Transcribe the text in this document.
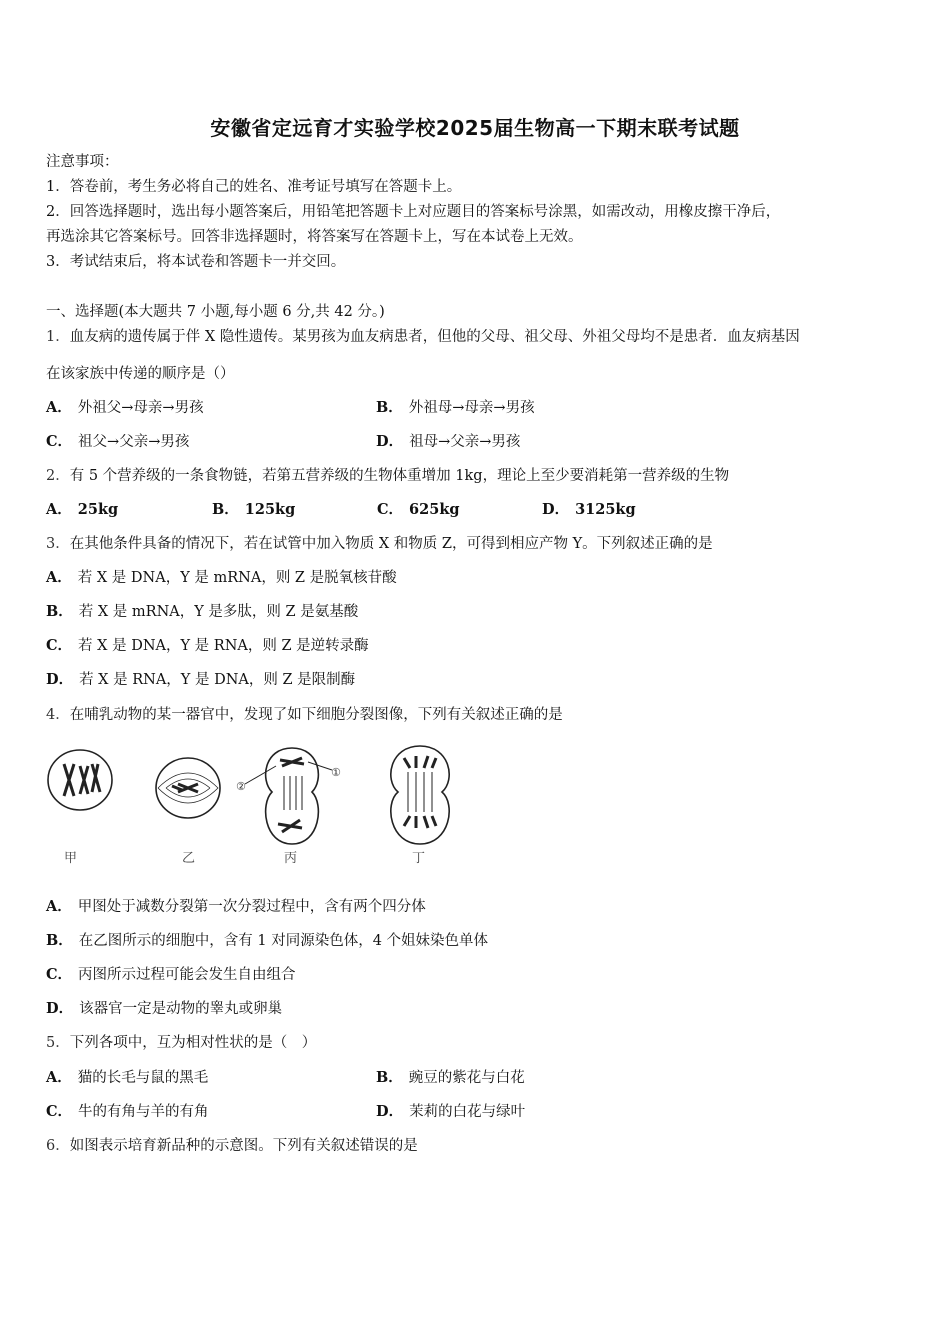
安徽省定远育才实验学校2025届生物高一下期末联考试题
注意事项：
1．答卷前，考生务必将自己的姓名、准考证号填写在答题卡上。
2．回答选择题时，选出每小题答案后，用铅笔把答题卡上对应题目的答案标号涂黑，如需改动，用橡皮擦干净后，
再选涂其它答案标号。回答非选择题时，将答案写在答题卡上，写在本试卷上无效。
3．考试结束后，将本试卷和答题卡一并交回。
一、选择题(本大题共 7 小题,每小题 6 分,共 42 分。)
1．血友病的遗传属于伴 X 隐性遗传。某男孩为血友病患者，但他的父母、祖父母、外祖父母均不是患者．血友病基因
在该家族中传递的顺序是（）
A． 外祖父→母亲→男孩	B． 外祖母→母亲→男孩
C． 祖父→父亲→男孩	D． 祖母→父亲→男孩
2．有 5 个营养级的一条食物链，若第五营养级的生物体重增加 1kg，理论上至少要消耗第一营养级的生物
A． 25kg	B． 125kg	C． 625kg	D． 3125kg
3．在其他条件具备的情况下，若在试管中加入物质 X 和物质 Z，可得到相应产物 Y。下列叙述正确的是
A． 若 X 是 DNA，Y 是 mRNA，则 Z 是脱氧核苷酸
B． 若 X 是 mRNA，Y 是多肽，则 Z 是氨基酸
C． 若 X 是 DNA，Y 是 RNA，则 Z 是逆转录酶
D． 若 X 是 RNA，Y 是 DNA，则 Z 是限制酶
4．在哺乳动物的某一器官中，发现了如下细胞分裂图像，下列有关叙述正确的是
①
②
甲	乙	丙	丁
A． 甲图处于减数分裂第一次分裂过程中，含有两个四分体
B． 在乙图所示的细胞中，含有 1 对同源染色体，4 个姐妹染色单体
C． 丙图所示过程可能会发生自由组合
D． 该器官一定是动物的睾丸或卵巢
5．下列各项中，互为相对性状的是（　）
A． 猫的长毛与鼠的黑毛	B． 豌豆的紫花与白花
C． 牛的有角与羊的有角	D． 茉莉的白花与绿叶
6．如图表示培育新品种的示意图。下列有关叙述错误的是
